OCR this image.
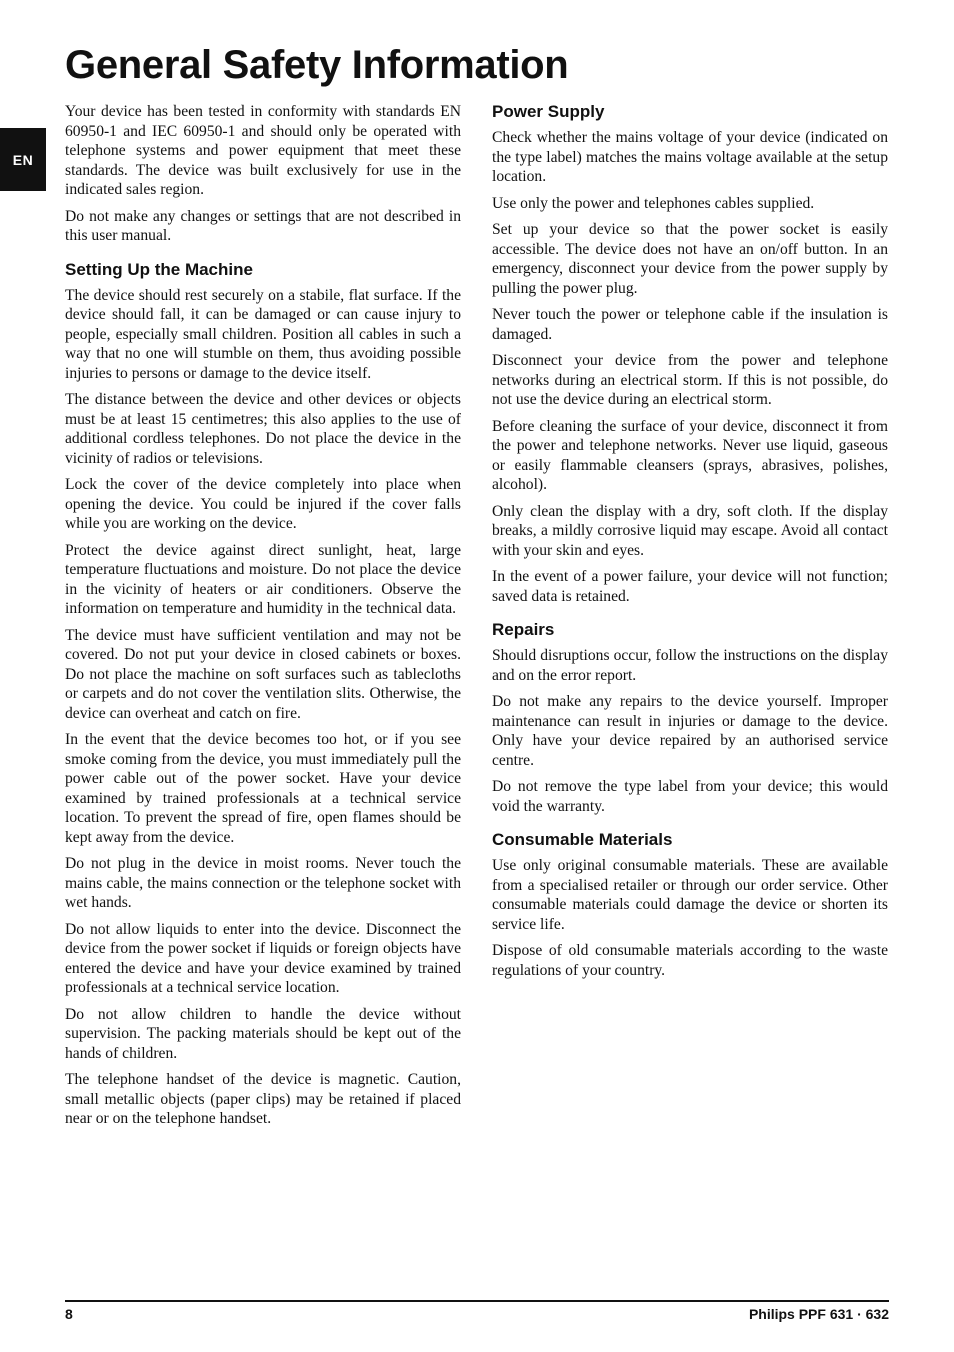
General Safety Information
EN

Your device has been tested in conformity with standards EN 60950-1 and IEC 60950-1 and should only be operated with telephone systems and power equipment that meet these standards. The device was built exclusively for use in the indicated sales region.

Do not make any changes or settings that are not described in this user manual.

Setting Up the Machine

The device should rest securely on a stabile, flat surface. If the device should fall, it can be damaged or can cause injury to people, especially small children. Position all cables in such a way that no one will stumble on them, thus avoiding possible injuries to persons or damage to the device itself.

The distance between the device and other devices or objects must be at least 15 centimetres; this also applies to the use of additional cordless telephones. Do not place the device in the vicinity of radios or televisions.

Lock the cover of the device completely into place when opening the device. You could be injured if the cover falls while you are working on the device.

Protect the device against direct sunlight, heat, large temperature fluctuations and moisture. Do not place the device in the vicinity of heaters or air conditioners. Observe the information on temperature and humidity in the technical data.

The device must have sufficient ventilation and may not be covered. Do not put your device in closed cabinets or boxes. Do not place the machine on soft surfaces such as tablecloths or carpets and do not cover the ventilation slits. Otherwise, the device can overheat and catch on fire.

In the event that the device becomes too hot, or if you see smoke coming from the device, you must immediately pull the power cable out of the power socket. Have your device examined by trained professionals at a technical service location. To prevent the spread of fire, open flames should be kept away from the device.

Do not plug in the device in moist rooms. Never touch the mains cable, the mains connection or the telephone socket with wet hands.

Do not allow liquids to enter into the device. Disconnect the device from the power socket if liquids or foreign objects have entered the device and have your device examined by trained professionals at a technical service location.

Do not allow children to handle the device without supervision. The packing materials should be kept out of the hands of children.

The telephone handset of the device is magnetic. Caution, small metallic objects (paper clips) may be retained if placed near or on the telephone handset.

Power Supply

Check whether the mains voltage of your device (indicated on the type label) matches the mains voltage available at the setup location.

Use only the power and telephones cables supplied.

Set up your device so that the power socket is easily accessible. The device does not have an on/off button. In an emergency, disconnect your device from the power supply by pulling the power plug.

Never touch the power or telephone cable if the insulation is damaged.

Disconnect your device from the power and telephone networks during an electrical storm. If this is not possible, do not use the device during an electrical storm.

Before cleaning the surface of your device, disconnect it from the power and telephone networks. Never use liquid, gaseous or easily flammable cleansers (sprays, abrasives, polishes, alcohol).

Only clean the display with a dry, soft cloth. If the display breaks, a mildly corrosive liquid may escape. Avoid all contact with your skin and eyes.

In the event of a power failure, your device will not function; saved data is retained.

Repairs

Should disruptions occur, follow the instructions on the display and on the error report.

Do not make any repairs to the device yourself. Improper maintenance can result in injuries or damage to the device. Only have your device repaired by an authorised service centre.

Do not remove the type label from your device; this would void the warranty.

Consumable Materials

Use only original consumable materials. These are available from a specialised retailer or through our order service. Other consumable materials could damage the device or shorten its service life.

Dispose of old consumable materials according to the waste regulations of your country.

8	Philips PPF 631 · 632
